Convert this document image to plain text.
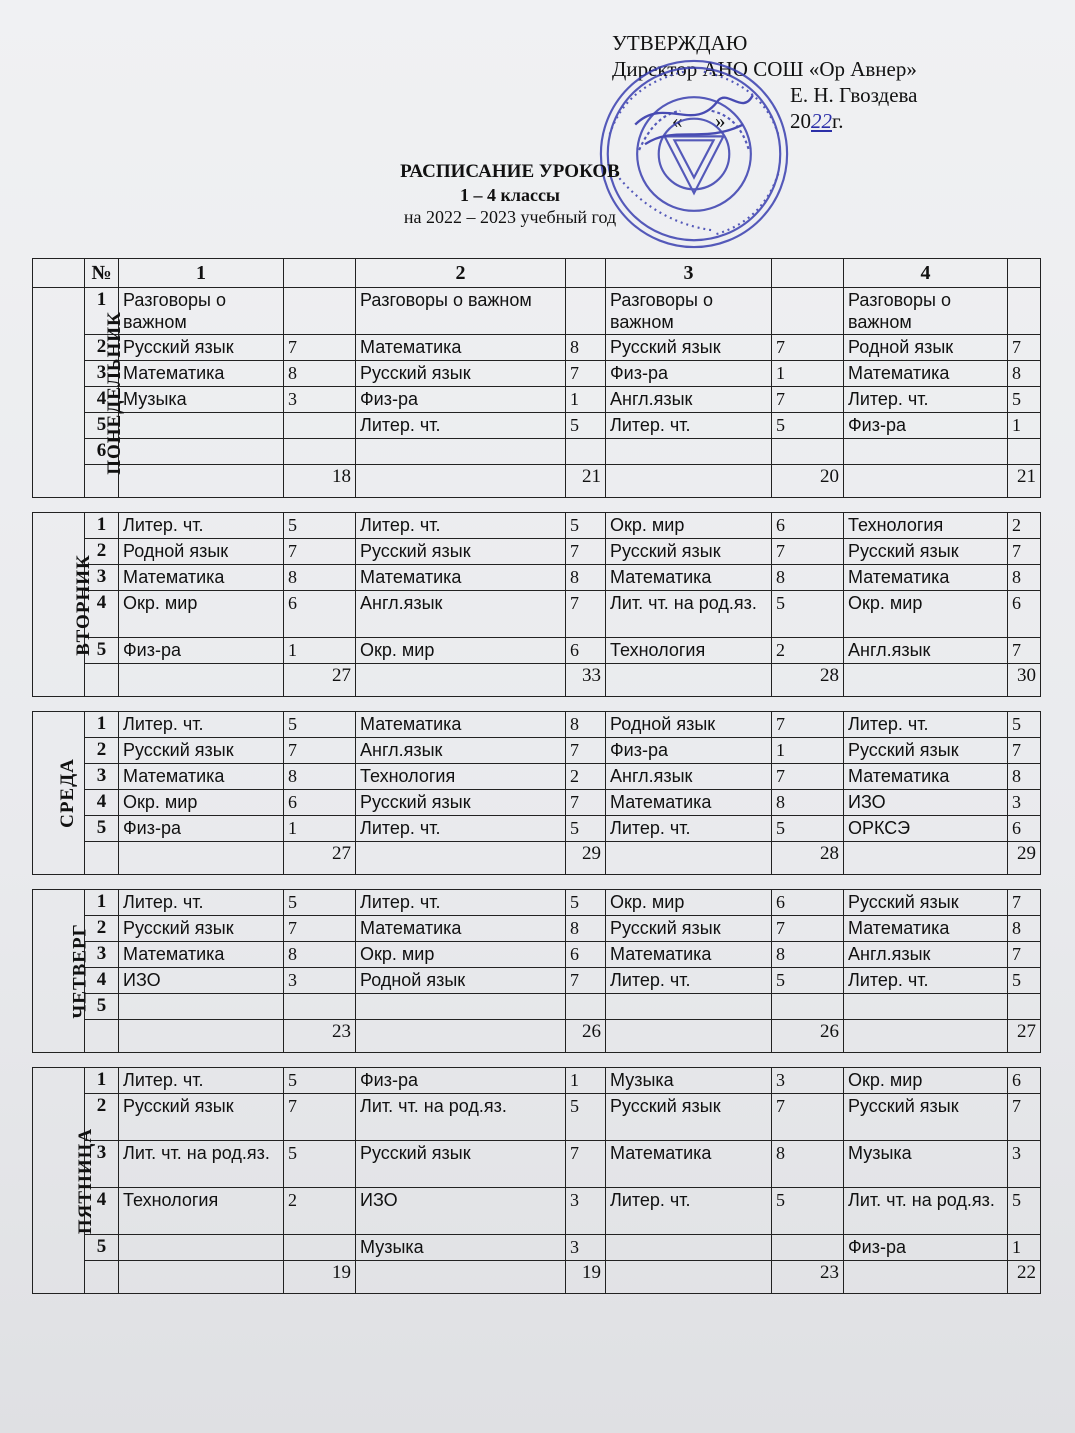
УТВЕРЖДАЮ
Директор АНО СОШ «Ор Авнер»
Е. Н. Гвоздева
« »	2022г.
РАСПИСАНИЕ УРОКОВ
1 – 4 классы
на 2022 – 2023 учебный год
	№	1		2		3		4	
ПОНЕДЕЛЬНИК	1	Разговоры о важном		Разговоры о важном		Разговоры о важном		Разговоры о важном	
	2	Русский язык	7	Математика	8	Русский язык	7	Родной язык	7
	3	Математика	8	Русский язык	7	Физ-ра	1	Математика	8
	4	Музыка	3	Физ-ра	1	Англ.язык	7	Литер. чт.	5
	5			Литер. чт.	5	Литер. чт.	5	Физ-ра	1
	6								
			18		21		20		21

ВТОРНИК	1	Литер. чт.	5	Литер. чт.	5	Окр. мир	6	Технология	2
	2	Родной язык	7	Русский язык	7	Русский язык	7	Русский язык	7
	3	Математика	8	Математика	8	Математика	8	Математика	8
	4	Окр. мир	6	Англ.язык	7	Лит. чт. на род.яз.	5	Окр. мир	6
	5	Физ-ра	1	Окр. мир	6	Технология	2	Англ.язык	7
			27		33		28		30

СРЕДА	1	Литер. чт.	5	Математика	8	Родной язык	7	Литер. чт.	5
	2	Русский язык	7	Англ.язык	7	Физ-ра	1	Русский язык	7
	3	Математика	8	Технология	2	Англ.язык	7	Математика	8
	4	Окр. мир	6	Русский язык	7	Математика	8	ИЗО	3
	5	Физ-ра	1	Литер. чт.	5	Литер. чт.	5	ОРКСЭ	6
			27		29		28		29

ЧЕТВЕРГ	1	Литер. чт.	5	Литер. чт.	5	Окр. мир	6	Русский язык	7
	2	Русский язык	7	Математика	8	Русский язык	7	Математика	8
	3	Математика	8	Окр. мир	6	Математика	8	Англ.язык	7
	4	ИЗО	3	Родной язык	7	Литер. чт.	5	Литер. чт.	5
	5								
			23		26		26		27

ПЯТНИЦА	1	Литер. чт.	5	Физ-ра	1	Музыка	3	Окр. мир	6
	2	Русский язык	7	Лит. чт. на род.яз.	5	Русский язык	7	Русский язык	7
	3	Лит. чт. на род.яз.	5	Русский язык	7	Математика	8	Музыка	3
	4	Технология	2	ИЗО	3	Литер. чт.	5	Лит. чт. на род.яз.	5
	5			Музыка	3			Физ-ра	1
			19		19		23		22
